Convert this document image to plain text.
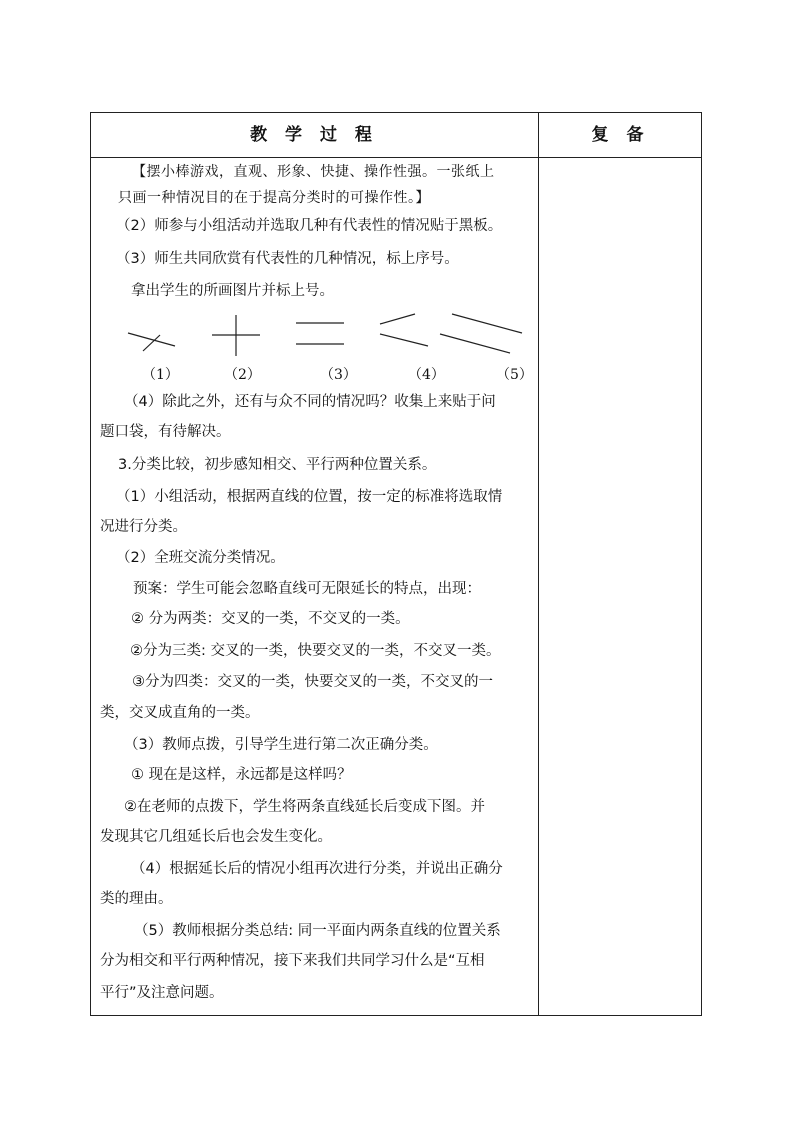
教 学 过 程	复 备
【摆小棒游戏，直观、形象、快捷、操作性强。一张纸上
只画一种情况目的在于提高分类时的可操作性。】
（2）师参与小组活动并选取几种有代表性的情况贴于黑板。
（3）师生共同欣赏有代表性的几种情况，标上序号。
拿出学生的所画图片并标上号。
（1）	（2）	（3）	（4）	（5）
（4）除此之外，还有与众不同的情况吗？收集上来贴于问
题口袋，有待解决。
3.分类比较，初步感知相交、平行两种位置关系。
（1）小组活动，根据两直线的位置，按一定的标准将选取情
况进行分类。
（2）全班交流分类情况。
预案：学生可能会忽略直线可无限延长的特点，出现：
② 分为两类：交叉的一类，不交叉的一类。
②分为三类: 交叉的一类，快要交叉的一类，不交叉一类。
③分为四类：交叉的一类，快要交叉的一类，不交叉的一
类，交叉成直角的一类。
（3）教师点拨，引导学生进行第二次正确分类。
① 现在是这样，永远都是这样吗？
②在老师的点拨下，学生将两条直线延长后变成下图。并
发现其它几组延长后也会发生变化。
（4）根据延长后的情况小组再次进行分类，并说出正确分
类的理由。
（5）教师根据分类总结: 同一平面内两条直线的位置关系
分为相交和平行两种情况，接下来我们共同学习什么是“互相
平行”及注意问题。
